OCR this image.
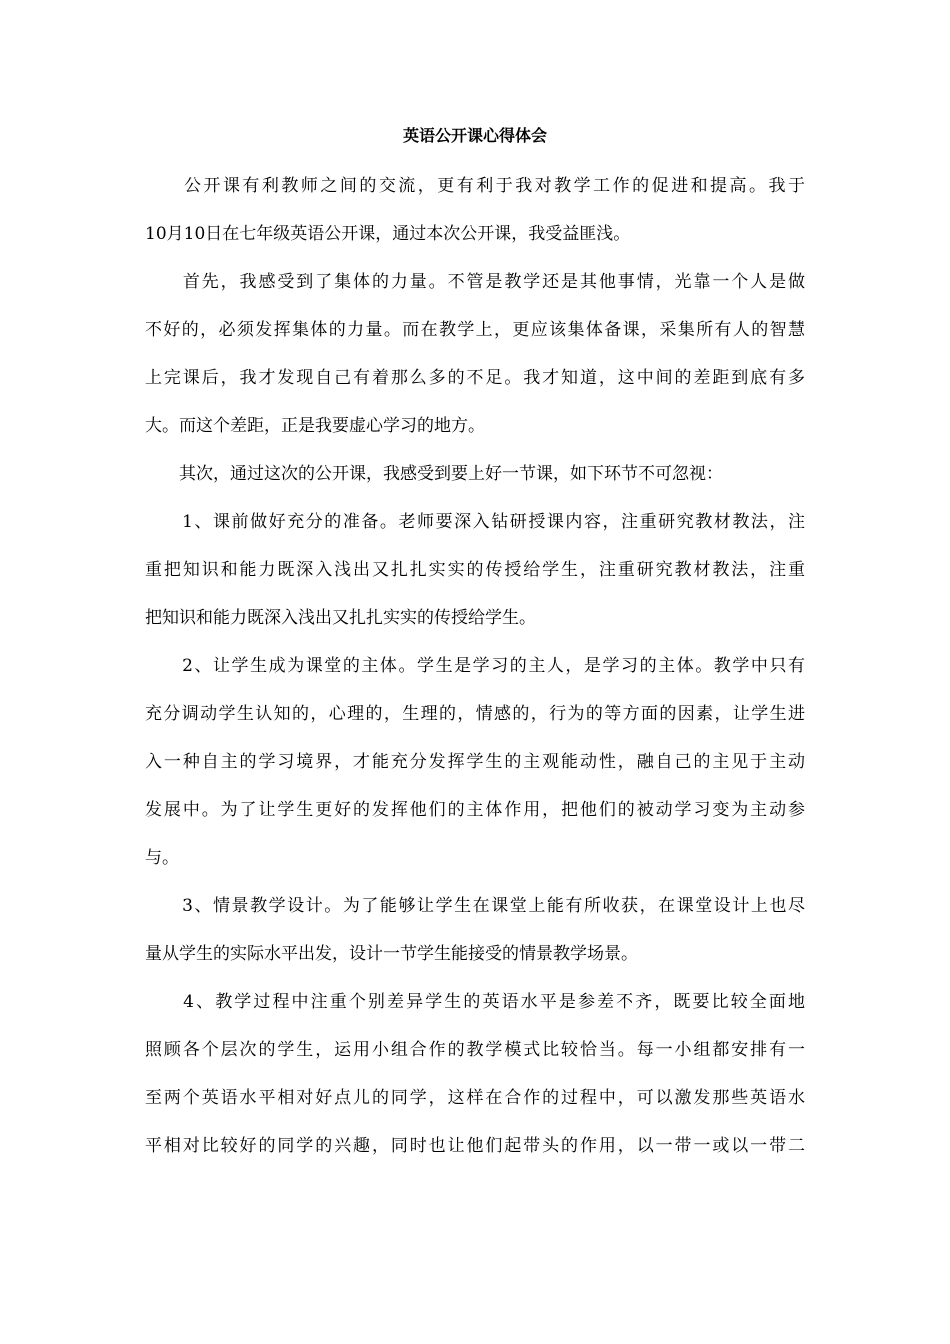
英语公开课心得体会
　　公开课有利教师之间的交流，更有利于我对教学工作的促进和提高。我于
10月10日在七年级英语公开课，通过本次公开课，我受益匪浅。
　　首先，我感受到了集体的力量。不管是教学还是其他事情，光靠一个人是做
不好的，必须发挥集体的力量。而在教学上，更应该集体备课，采集所有人的智慧
上完课后，我才发现自己有着那么多的不足。我才知道，这中间的差距到底有多
大。而这个差距，正是我要虚心学习的地方。
　　其次，通过这次的公开课，我感受到要上好一节课，如下环节不可忽视：
　　1、课前做好充分的准备。老师要深入钻研授课内容，注重研究教材教法，注
重把知识和能力既深入浅出又扎扎实实的传授给学生，注重研究教材教法，注重
把知识和能力既深入浅出又扎扎实实的传授给学生。
　　2、让学生成为课堂的主体。学生是学习的主人，是学习的主体。教学中只有
充分调动学生认知的，心理的，生理的，情感的，行为的等方面的因素，让学生进
入一种自主的学习境界，才能充分发挥学生的主观能动性，融自己的主见于主动
发展中。为了让学生更好的发挥他们的主体作用，把他们的被动学习变为主动参
与。
　　3、情景教学设计。为了能够让学生在课堂上能有所收获，在课堂设计上也尽
量从学生的实际水平出发，设计一节学生能接受的情景教学场景。
　　4、教学过程中注重个别差异学生的英语水平是参差不齐，既要比较全面地
照顾各个层次的学生，运用小组合作的教学模式比较恰当。每一小组都安排有一
至两个英语水平相对好点儿的同学，这样在合作的过程中，可以激发那些英语水
平相对比较好的同学的兴趣，同时也让他们起带头的作用，以一带一或以一带二
